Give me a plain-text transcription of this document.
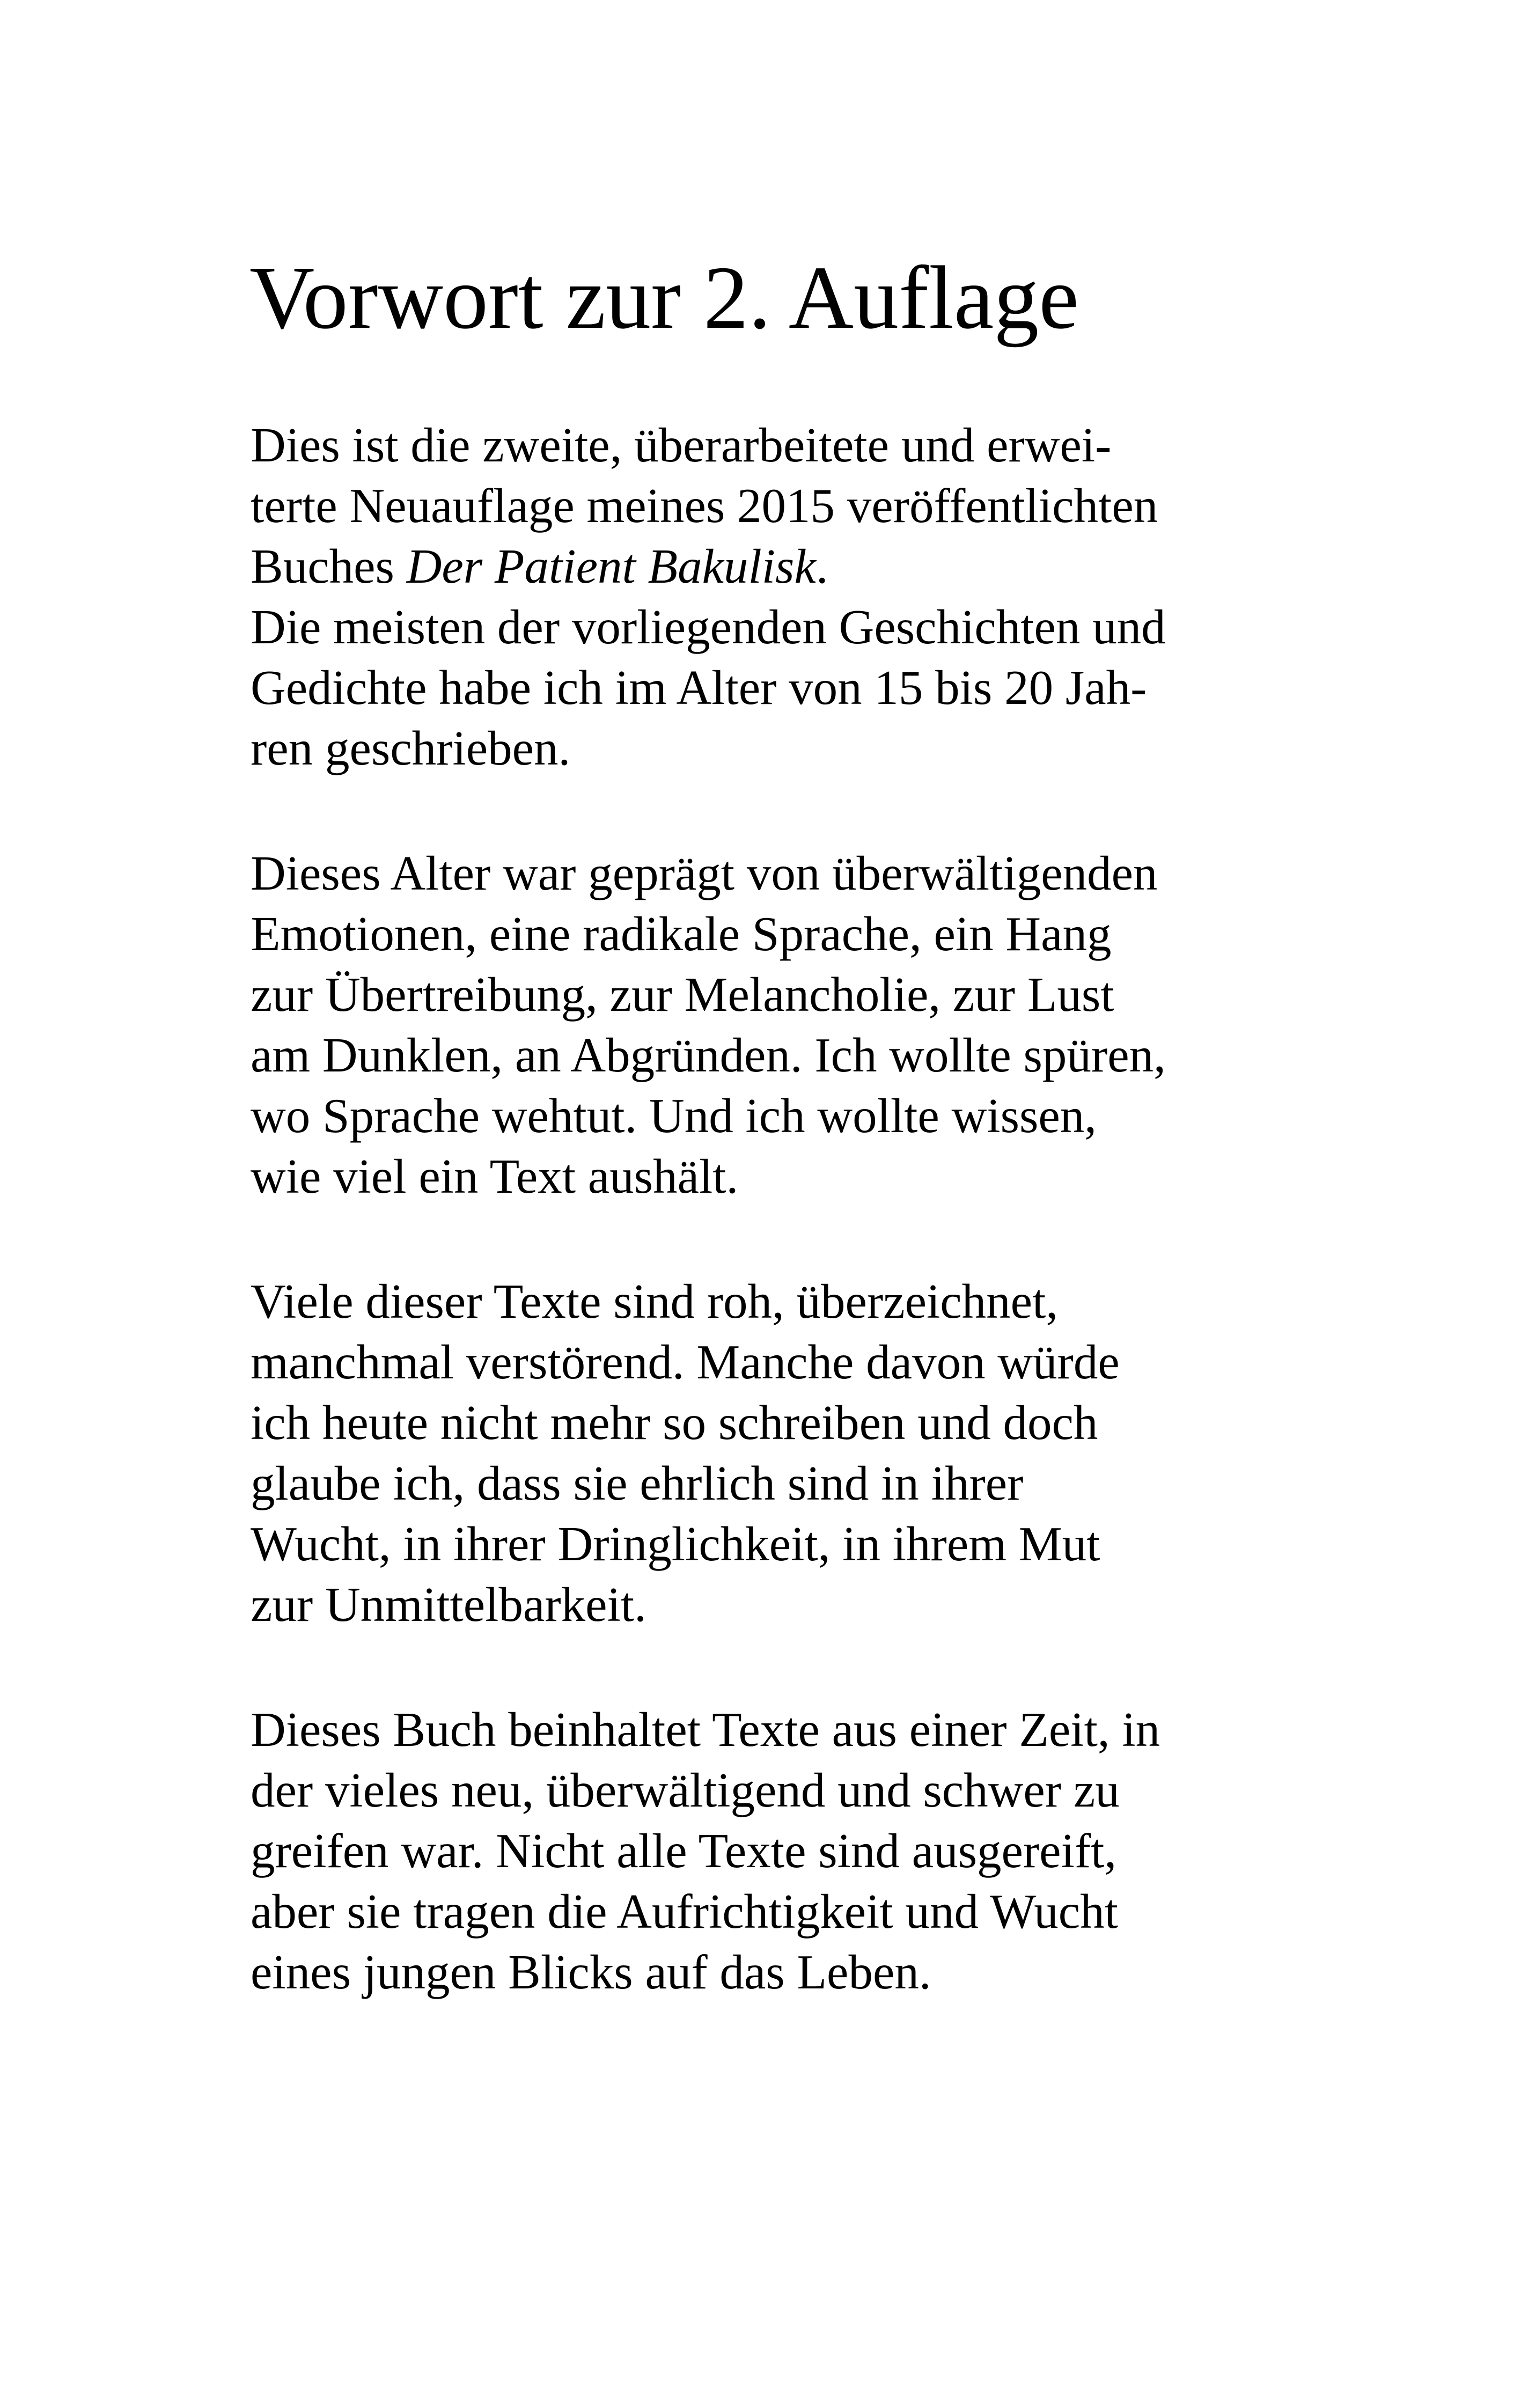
Vorwort zur 2. Auflage

Dies ist die zweite, überarbeitete und erwei-

terte Neuauflage meines 2015 veröffentlichten

Buches Der Patient Bakulisk.

Die meisten der vorliegenden Geschichten und

Gedichte habe ich im Alter von 15 bis 20 Jah-

ren geschrieben.

Dieses Alter war geprägt von überwältigenden

Emotionen, eine radikale Sprache, ein Hang

zur Übertreibung, zur Melancholie, zur Lust

am Dunklen, an Abgründen. Ich wollte spüren,

wo Sprache wehtut. Und ich wollte wissen,

wie viel ein Text aushält.

Viele dieser Texte sind roh, überzeichnet,

manchmal verstörend. Manche davon würde

ich heute nicht mehr so schreiben und doch

glaube ich, dass sie ehrlich sind in ihrer

Wucht, in ihrer Dringlichkeit, in ihrem Mut

zur Unmittelbarkeit.

Dieses Buch beinhaltet Texte aus einer Zeit, in

der vieles neu, überwältigend und schwer zu

greifen war. Nicht alle Texte sind ausgereift,

aber sie tragen die Aufrichtigkeit und Wucht

eines jungen Blicks auf das Leben.
